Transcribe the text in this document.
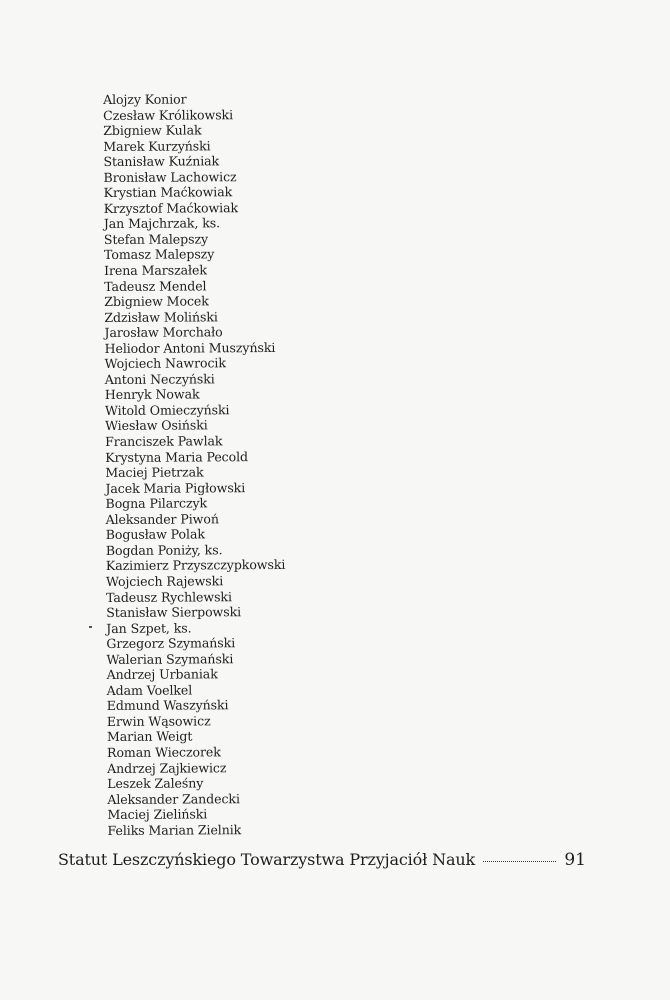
Alojzy Konior
Czesław Królikowski
Zbigniew Kulak
Marek Kurzyński
Stanisław Kuźniak
Bronisław Lachowicz
Krystian Maćkowiak
Krzysztof Maćkowiak
Jan Majchrzak, ks.
Stefan Malepszy
Tomasz Malepszy
Irena Marszałek
Tadeusz Mendel
Zbigniew Mocek
Zdzisław Moliński
Jarosław Morchało
Heliodor Antoni Muszyński
Wojciech Nawrocik
Antoni Neczyński
Henryk Nowak
Witold Omieczyński
Wiesław Osiński
Franciszek Pawlak
Krystyna Maria Pecold
Maciej Pietrzak
Jacek Maria Pigłowski
Bogna Pilarczyk
Aleksander Piwoń
Bogusław Polak
Bogdan Poniży, ks.
Kazimierz Przyszczypkowski
Wojciech Rajewski
Tadeusz Rychlewski
Stanisław Sierpowski
Jan Szpet, ks.
Grzegorz Szymański
Walerian Szymański
Andrzej Urbaniak
Adam Voelkel
Edmund Waszyński
Erwin Wąsowicz
Marian Weigt
Roman Wieczorek
Andrzej Zajkiewicz
Leszek Zaleśny
Aleksander Zandecki
Maciej Zieliński
Feliks Marian Zielnik
Statut Leszczyńskiego Towarzystwa Przyjaciół Nauk	91
